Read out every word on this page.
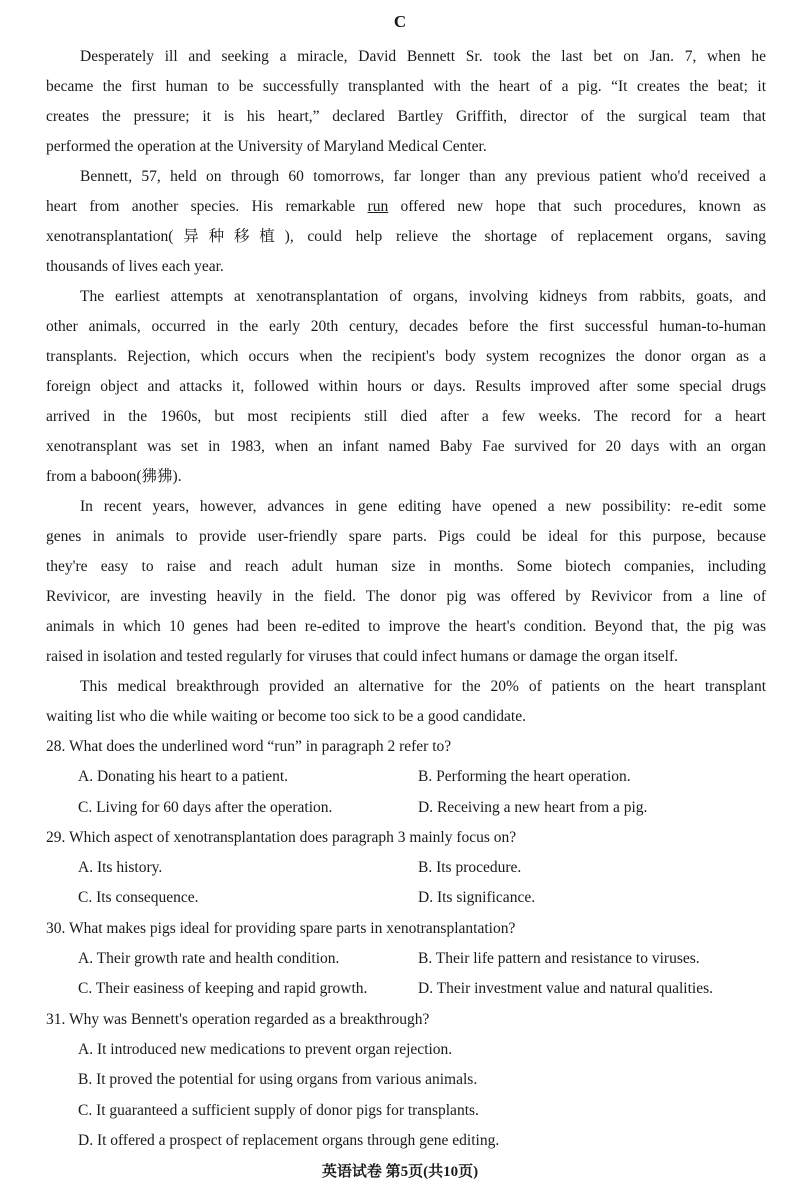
C
Desperately ill and seeking a miracle, David Bennett Sr. took the last bet on Jan. 7, when he
became the first human to be successfully transplanted with the heart of a pig. “It creates the beat; it
creates the pressure; it is his heart,” declared Bartley Griffith, director of the surgical team that
performed the operation at the University of Maryland Medical Center.
Bennett, 57, held on through 60 tomorrows, far longer than any previous patient who'd received a
heart from another species. His remarkable run offered new hope that such procedures, known as
xenotransplantation(异种移植), could help relieve the shortage of replacement organs, saving
thousands of lives each year.
The earliest attempts at xenotransplantation of organs, involving kidneys from rabbits, goats, and
other animals, occurred in the early 20th century, decades before the first successful human-to-human
transplants. Rejection, which occurs when the recipient's body system recognizes the donor organ as a
foreign object and attacks it, followed within hours or days. Results improved after some special drugs
arrived in the 1960s, but most recipients still died after a few weeks. The record for a heart
xenotransplant was set in 1983, when an infant named Baby Fae survived for 20 days with an organ
from a baboon(狒狒).
In recent years, however, advances in gene editing have opened a new possibility: re-edit some
genes in animals to provide user-friendly spare parts. Pigs could be ideal for this purpose, because
they're easy to raise and reach adult human size in months. Some biotech companies, including
Revivicor, are investing heavily in the field. The donor pig was offered by Revivicor from a line of
animals in which 10 genes had been re-edited to improve the heart's condition. Beyond that, the pig was
raised in isolation and tested regularly for viruses that could infect humans or damage the organ itself.
This medical breakthrough provided an alternative for the 20% of patients on the heart transplant
waiting list who die while waiting or become too sick to be a good candidate.
28. What does the underlined word “run” in paragraph 2 refer to?
A. Donating his heart to a patient.	B. Performing the heart operation.
C. Living for 60 days after the operation.	D. Receiving a new heart from a pig.
29. Which aspect of xenotransplantation does paragraph 3 mainly focus on?
A. Its history.	B. Its procedure.
C. Its consequence.	D. Its significance.
30. What makes pigs ideal for providing spare parts in xenotransplantation?
A. Their growth rate and health condition.	B. Their life pattern and resistance to viruses.
C. Their easiness of keeping and rapid growth.	D. Their investment value and natural qualities.
31. Why was Bennett's operation regarded as a breakthrough?
A. It introduced new medications to prevent organ rejection.
B. It proved the potential for using organs from various animals.
C. It guaranteed a sufficient supply of donor pigs for transplants.
D. It offered a prospect of replacement organs through gene editing.
英语试卷 第5页(共10页)
